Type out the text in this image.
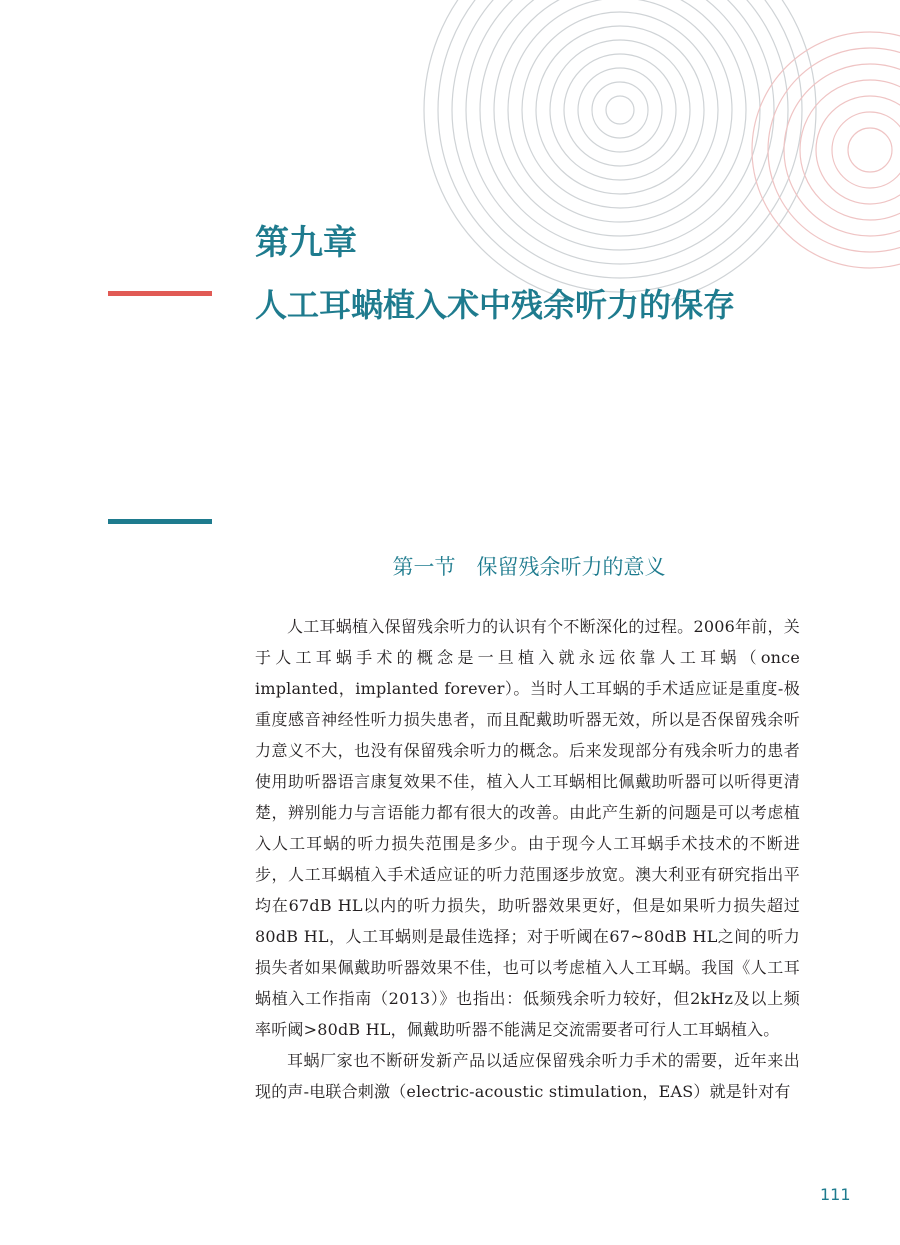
第九章
人工耳蜗植入术中残余听力的保存
第一节　保留残余听力的意义

人工耳蜗植入保留残余听力的认识有个不断深化的过程。2006年前，关于人工耳蜗手术的概念是一旦植入就永远依靠人工耳蜗（once implanted，implanted forever）。当时人工耳蜗的手术适应证是重度-极重度感音神经性听力损失患者，而且配戴助听器无效，所以是否保留残余听力意义不大，也没有保留残余听力的概念。后来发现部分有残余听力的患者使用助听器语言康复效果不佳，植入人工耳蜗相比佩戴助听器可以听得更清楚，辨别能力与言语能力都有很大的改善。由此产生新的问题是可以考虑植入人工耳蜗的听力损失范围是多少。由于现今人工耳蜗手术技术的不断进步，人工耳蜗植入手术适应证的听力范围逐步放宽。澳大利亚有研究指出平均在67dB HL以内的听力损失，助听器效果更好，但是如果听力损失超过80dB HL，人工耳蜗则是最佳选择；对于听阈在67~80dB HL之间的听力损失者如果佩戴助听器效果不佳，也可以考虑植入人工耳蜗。我国《人工耳蜗植入工作指南（2013）》也指出：低频残余听力较好，但2kHz及以上频率听阈>80dB HL，佩戴助听器不能满足交流需要者可行人工耳蜗植入。

耳蜗厂家也不断研发新产品以适应保留残余听力手术的需要，近年来出现的声-电联合刺激（electric-acoustic stimulation，EAS）就是针对有

111
